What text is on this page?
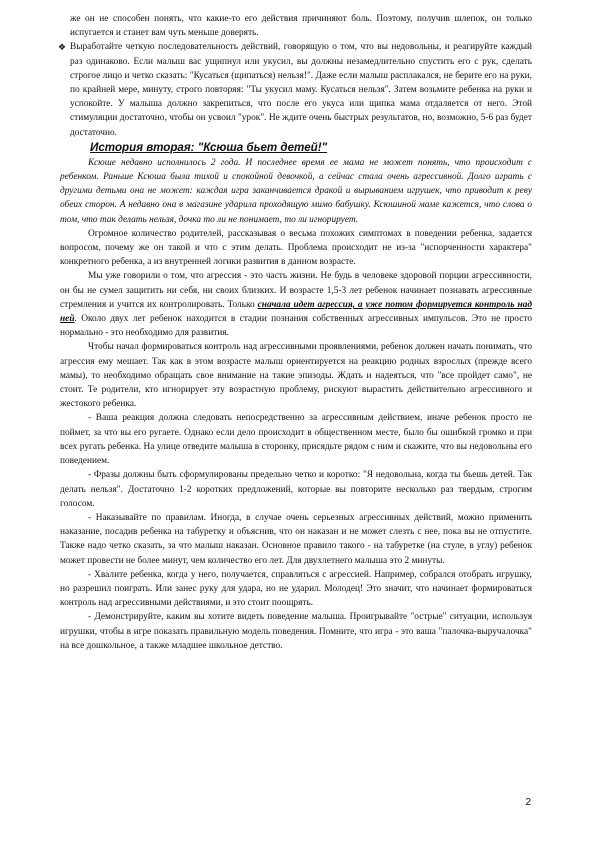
же он не способен понять, что какие-то его действия причиняют боль. Поэтому, получив шлепок, он только испугается и станет вам чуть меньше доверять.

❖ Выработайте четкую последовательность действий, говорящую о том, что вы недовольны, и реагируйте каждый раз одинаково. Если малыш вас ущипнул или укусил, вы должны незамедлительно спустить его с рук, сделать строгое лицо и четко сказать: "Кусаться (щипаться) нельзя!". Даже если малыш расплакался, не берите его на руки, по крайней мере, минуту, строго повторяя: "Ты укусил маму. Кусаться нельзя". Затем возьмите ребенка на руки и успокойте. У малыша должно закрепиться, что после его укуса или щипка мама отдаляется от него. Этой стимуляции достаточно, чтобы он усвоил "урок". Не ждите очень быстрых результатов, но, возможно, 5-6 раз будет достаточно.

История вторая: "Ксюша бьет детей!"

Ксюше недавно исполнилось 2 года. И последнее время ее мама не может понять, что происходит с ребенком. Раньше Ксюша была тихой и спокойной девочкой, а сейчас стала очень агрессивной. Долго играть с другими детьми она не может: каждая игра заканчивается дракой и вырыванием игрушек, что приводит к реву обеих сторон. А недавно она в магазине ударила проходящую мимо бабушку. Ксюшиной маме кажется, что слова о том, что так делать нельзя, дочка то ли не понимает, то ли игнорирует.

Огромное количество родителей, рассказывая о весьма похожих симптомах в поведении ребенка, задается вопросом, почему же он такой и что с этим делать. Проблема происходит не из-за "испорченности характера" конкретного ребенка, а из внутренней логики развития в данном возрасте.

Мы уже говорили о том, что агрессия - это часть жизни. Не будь в человеке здоровой порции агрессивности, он бы не сумел защитить ни себя, ни своих близких. И возрасте 1,5-3 лет ребенок начинает познавать агрессивные стремления и учится их контролировать. Только сначала идет агрессия, а уже потом формируется контроль над ней. Около двух лет ребенок находится в стадии познания собственных агрессивных импульсов. Это не просто нормально - это необходимо для развития.

Чтобы начал формироваться контроль над агрессивными проявлениями, ребенок должен начать понимать, что агрессия ему мешает. Так как в этом возрасте малыш ориентируется на реакцию родных взрослых (прежде всего мамы), то необходимо обращать свое внимание на такие эпизоды. Ждать и надеяться, что "все пройдет само", не стоит. Те родители, кто игнорирует эту возрастную проблему, рискуют вырастить действительно агрессивного и жестокого ребенка.

- Ваша реакция должна следовать непосредственно за агрессивным действием, иначе ребенок просто не поймет, за что вы его ругаете. Однако если дело происходит в общественном месте, было бы ошибкой громко и при всех ругать ребенка. На улице отведите малыша в сторонку, присядьте рядом с ним и скажите, что вы недовольны его поведением.

- Фразы должны быть сформулированы предельно четко и коротко: "Я недовольна, когда ты бьешь детей. Так делать нельзя". Достаточно 1-2 коротких предложений, которые вы повторите несколько раз твердым, строгим голосом.

- Наказывайте по правилам. Иногда, в случае очень серьезных агрессивных действий, можно применить наказание, посадив ребенка на табуретку и объяснив, что он наказан и не может слезть с нее, пока вы не отпустите. Также надо четко сказать, за что малыш наказан. Основное правило такого - на табуретке (на стуле, в углу) ребенок может провести не более минут, чем количество его лет. Для двухлетнего малыша это 2 минуты.

- Хвалите ребенка, когда у него, получается, справляться с агрессией. Например, собрался отобрать игрушку, но разрешил поиграть. Или занес руку для удара, но не ударил. Молодец! Это значит, что начинает формироваться контроль над агрессивными действиями, и это стоит поощрять.

- Демонстрируйте, каким вы хотите видеть поведение малыша. Проигрывайте "острые" ситуации, используя игрушки, чтобы в игре показать правильную модель поведения. Помните, что игра - это ваша "палочка-выручалочка" на все дошкольное, а также младшее школьное детство.

2
